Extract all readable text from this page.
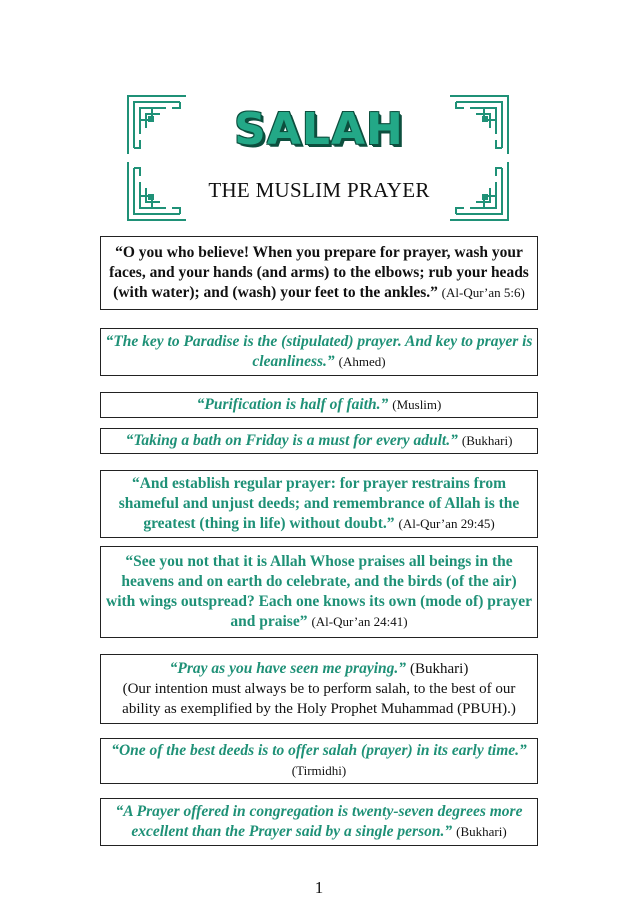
SALAH
THE MUSLIM PRAYER
“O you who believe! When you prepare for prayer, wash your faces, and your hands (and arms) to the elbows; rub your heads (with water); and (wash) your feet to the ankles.” (Al-Qur’an 5:6)
“The key to Paradise is the (stipulated) prayer. And key to prayer is cleanliness.” (Ahmed)
“Purification is half of faith.” (Muslim)
“Taking a bath on Friday is a must for every adult.” (Bukhari)
“And establish regular prayer: for prayer restrains from shameful and unjust deeds; and remembrance of Allah is the greatest (thing in life) without doubt.” (Al-Qur’an 29:45)
“See you not that it is Allah Whose praises all beings in the heavens and on earth do celebrate, and the birds (of the air) with wings outspread? Each one knows its own (mode of) prayer and praise” (Al-Qur’an 24:41)
“Pray as you have seen me praying.” (Bukhari)
(Our intention must always be to perform salah, to the best of our ability as exemplified by the Holy Prophet Muhammad (PBUH).)
“One of the best deeds is to offer salah (prayer) in its early time.” (Tirmidhi)
“A Prayer offered in congregation is twenty-seven degrees more excellent than the Prayer said by a single person.” (Bukhari)
1
